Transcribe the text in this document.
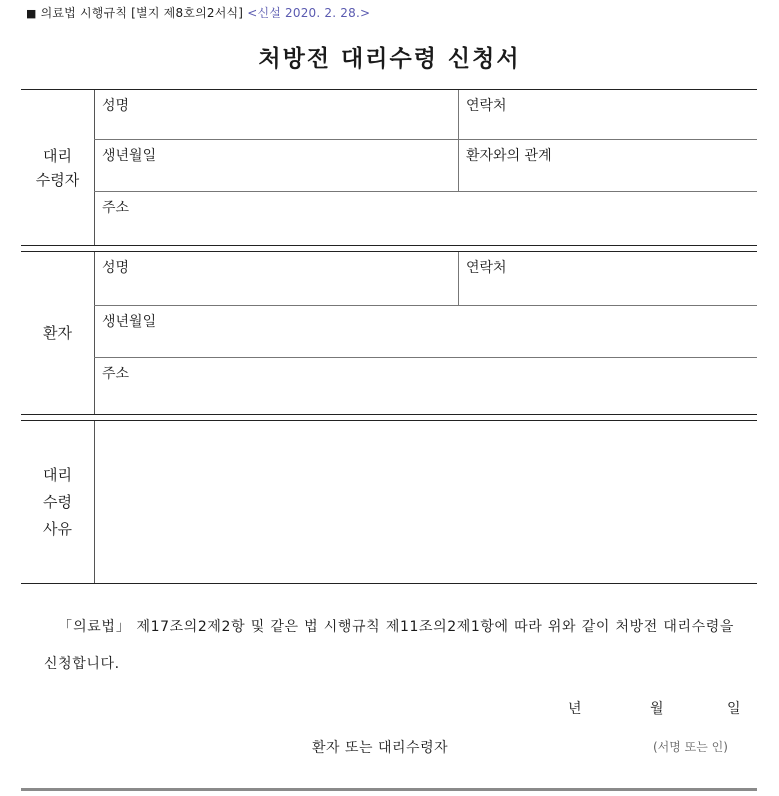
■ 의료법 시행규칙 [별지 제8호의2서식] <신설 2020. 2. 28.>
처방전 대리수령 신청서
대리
수령자
성명	연락처
생년월일	환자와의 관계
주소
환자
성명	연락처
생년월일
주소
대리
수령
사유
「의료법」 제17조의2제2항 및 같은 법 시행규칙 제11조의2제1항에 따라 위와 같이 처방전 대리수령을 신청합니다.
년	월	일
환자 또는 대리수령자	(서명 또는 인)
